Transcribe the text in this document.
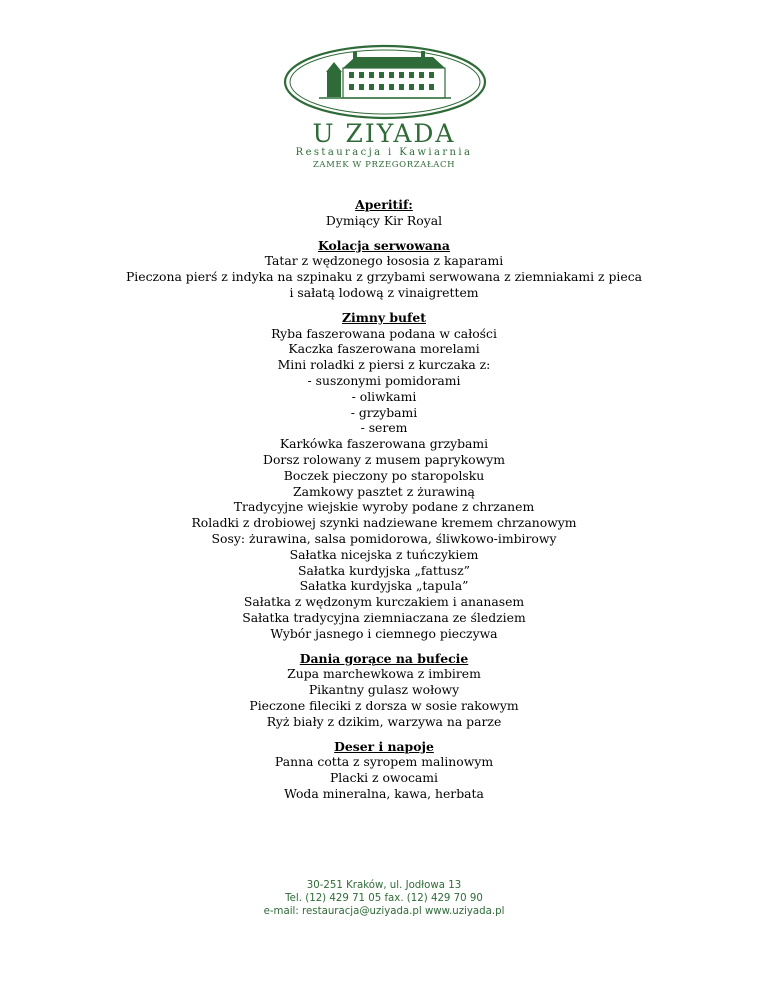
U ZIYADA
Restauracja i Kawiarnia
ZAMEK W PRZEGORZAŁACH
Aperitif:
Dymiący Kir Royal
Kolacja serwowana
Tatar z wędzonego łososia z kaparami
Pieczona pierś z indyka na szpinaku z grzybami serwowana z ziemniakami z pieca
i sałatą lodową z vinaigrettem
Zimny bufet
Ryba faszerowana podana w całości
Kaczka faszerowana morelami
Mini roladki z piersi z kurczaka z:
- suszonymi pomidorami
- oliwkami
- grzybami
- serem
Karkówka faszerowana grzybami
Dorsz rolowany z musem paprykowym
Boczek pieczony po staropolsku
Zamkowy pasztet z żurawiną
Tradycyjne wiejskie wyroby podane z chrzanem
Roladki z drobiowej szynki nadziewane kremem chrzanowym
Sosy: żurawina, salsa pomidorowa, śliwkowo-imbirowy
Sałatka nicejska z tuńczykiem
Sałatka kurdyjska „fattusz”
Sałatka kurdyjska „tapula”
Sałatka z wędzonym kurczakiem i ananasem
Sałatka tradycyjna ziemniaczana ze śledziem
Wybór jasnego i ciemnego pieczywa
Dania gorące na bufecie
Zupa marchewkowa z imbirem
Pikantny gulasz wołowy
Pieczone fileciki z dorsza w sosie rakowym
Ryż biały z dzikim, warzywa na parze
Deser i napoje
Panna cotta z syropem malinowym
Placki z owocami
Woda mineralna, kawa, herbata
30-251 Kraków, ul. Jodłowa 13
Tel. (12) 429 71 05 fax. (12) 429 70 90
e-mail: restauracja@uziyada.pl www.uziyada.pl
